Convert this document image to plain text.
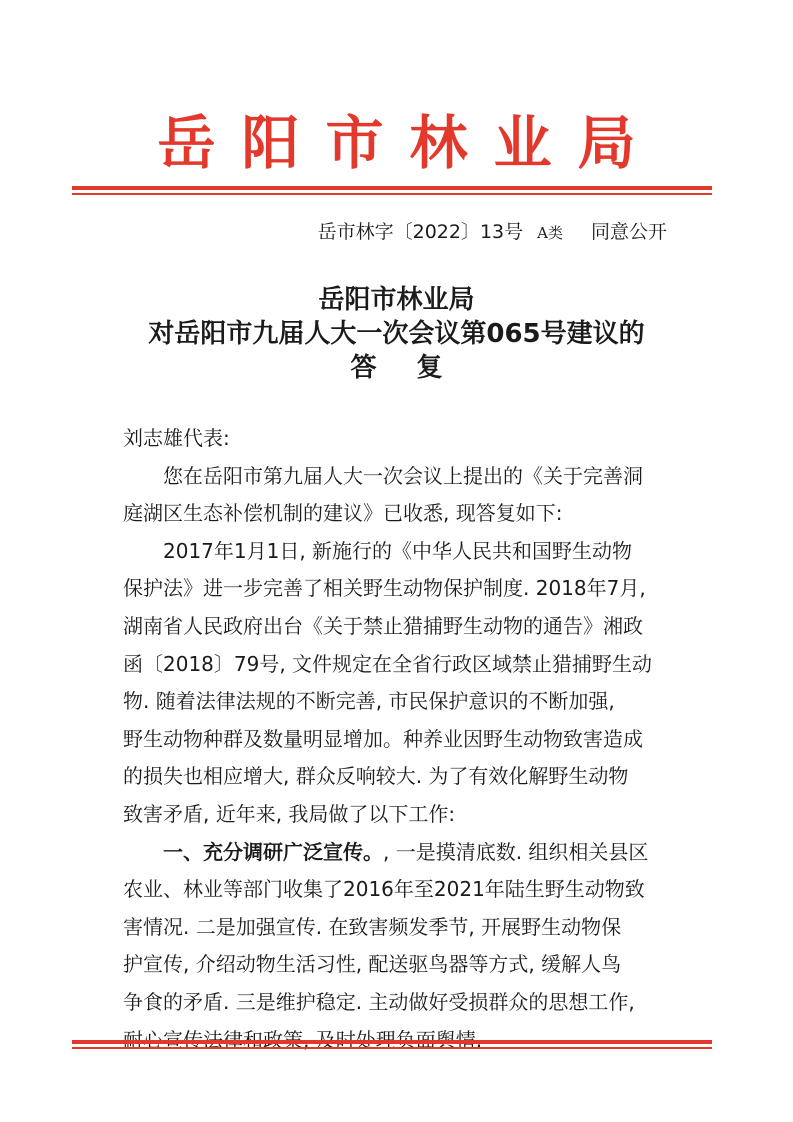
岳阳市林业局
岳市林字〔2022〕13号 A类 同意公开
岳阳市林业局
对岳阳市九届人大一次会议第065号建议的
答复
刘志雄代表:
您在岳阳市第九届人大一次会议上提出的《关于完善洞
庭湖区生态补偿机制的建议》已收悉, 现答复如下:
2017年1月1日, 新施行的《中华人民共和国野生动物
保护法》进一步完善了相关野生动物保护制度. 2018年7月,
湖南省人民政府出台《关于禁止猎捕野生动物的通告》湘政
函〔2018〕79号, 文件规定在全省行政区域禁止猎捕野生动
物. 随着法律法规的不断完善, 市民保护意识的不断加强,
野生动物种群及数量明显增加。种养业因野生动物致害造成
的损失也相应增大, 群众反响较大. 为了有效化解野生动物
致害矛盾, 近年来, 我局做了以下工作:
一、充分调研广泛宣传。, 一是摸清底数. 组织相关县区
农业、林业等部门收集了2016年至2021年陆生野生动物致
害情况. 二是加强宣传. 在致害频发季节, 开展野生动物保
护宣传, 介绍动物生活习性, 配送驱鸟器等方式, 缓解人鸟
争食的矛盾. 三是维护稳定. 主动做好受损群众的思想工作,
